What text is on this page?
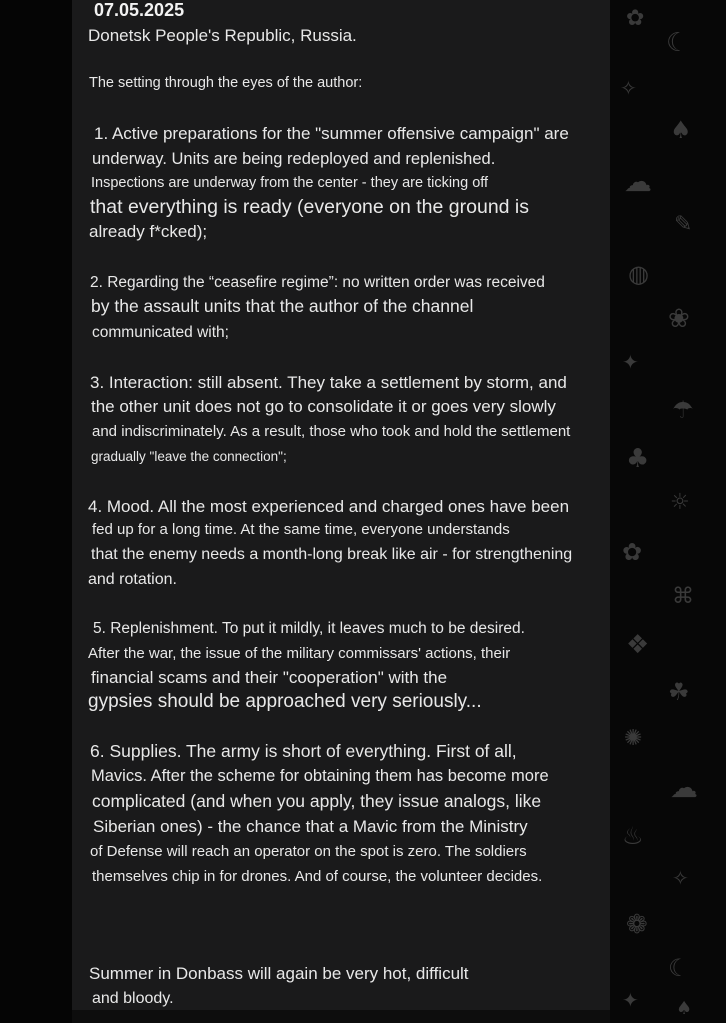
✿
☾
✧
♠
☁
✎
◍
❀
✦
☂
♣
☼
✿
⌘
❖
☘
✺
☁
♨
✧
❁
☾
✦ ♠
07.05.2025
Donetsk People's Republic, Russia.
The setting through the eyes of the author:
1. Active preparations for the "summer offensive campaign" are
underway. Units are being redeployed and replenished.
Inspections are underway from the center - they are ticking off
that everything is ready (everyone on the ground is
already f*cked);
2. Regarding the “ceasefire regime”: no written order was received
by the assault units that the author of the channel
communicated with;
3. Interaction: still absent. They take a settlement by storm, and
the other unit does not go to consolidate it or goes very slowly
and indiscriminately. As a result, those who took and hold the settlement
gradually "leave the connection";
4. Mood. All the most experienced and charged ones have been
fed up for a long time. At the same time, everyone understands
that the enemy needs a month-long break like air - for strengthening
and rotation.
5. Replenishment. To put it mildly, it leaves much to be desired.
After the war, the issue of the military commissars' actions, their
financial scams and their "cooperation" with the
gypsies should be approached very seriously...
6. Supplies. The army is short of everything. First of all,
Mavics. After the scheme for obtaining them has become more
complicated (and when you apply, they issue analogs, like
Siberian ones) - the chance that a Mavic from the Ministry
of Defense will reach an operator on the spot is zero. The soldiers
themselves chip in for drones. And of course, the volunteer decides.
Summer in Donbass will again be very hot, difficult
and bloody.
